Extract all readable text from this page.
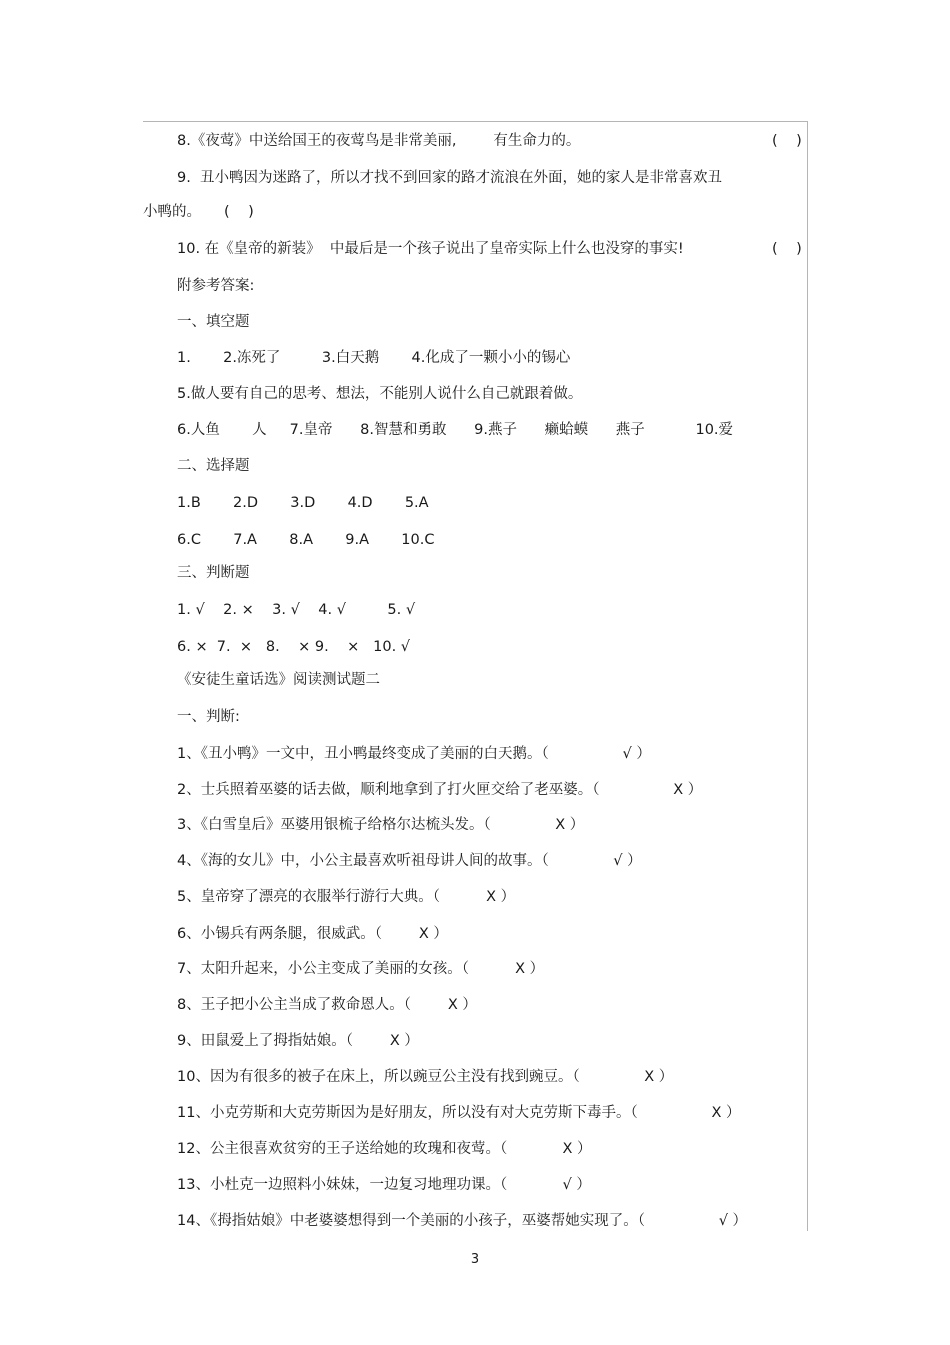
8.《夜莺》中送给国王的夜莺鸟是非常美丽,        有生命力的。	(    )
9.  丑小鸭因为迷路了，所以才找不到回家的路才流浪在外面，她的家人是非常喜欢丑
小鸭的。     (    )
10. 在《皇帝的新装》  中最后是一个孩子说出了皇帝实际上什么也没穿的事实!	(    )
附参考答案:
一、填空题
1.       2.冻死了         3.白天鹅       4.化成了一颗小小的锡心
5.做人要有自己的思考、想法，不能别人说什么自己就跟着做。
6.人鱼       人     7.皇帝      8.智慧和勇敢      9.燕子      癞蛤蟆      燕子           10.爱
二、选择题
1.B       2.D       3.D       4.D       5.A
6.C       7.A       8.A       9.A       10.C
三、判断题
1. √    2. ×    3. √    4. √         5. √
6. ×  7.  ×   8.    × 9.    ×   10. √
《安徒生童话选》阅读测试题二
一、判断:
1、《丑小鸭》一文中，丑小鸭最终变成了美丽的白天鹅。（                √ ）
2、士兵照着巫婆的话去做，顺利地拿到了打火匣交给了老巫婆。（                X ）
3、《白雪皇后》巫婆用银梳子给格尔达梳头发。（              X ）
4、《海的女儿》中，小公主最喜欢听祖母讲人间的故事。（              √ ）
5、皇帝穿了漂亮的衣服举行游行大典。（          X ）
6、小锡兵有两条腿，很威武。（        X ）
7、太阳升起来，小公主变成了美丽的女孩。（          X ）
8、王子把小公主当成了救命恩人。（        X ）
9、田鼠爱上了拇指姑娘。（        X ）
10、因为有很多的被子在床上，所以豌豆公主没有找到豌豆。（              X ）
11、小克劳斯和大克劳斯因为是好朋友，所以没有对大克劳斯下毒手。（                X ）
12、公主很喜欢贫穷的王子送给她的玫瑰和夜莺。（            X ）
13、小杜克一边照料小妹妹，一边复习地理功课。（            √ ）
14、《拇指姑娘》中老婆婆想得到一个美丽的小孩子，巫婆帮她实现了。（                √ ）
3
